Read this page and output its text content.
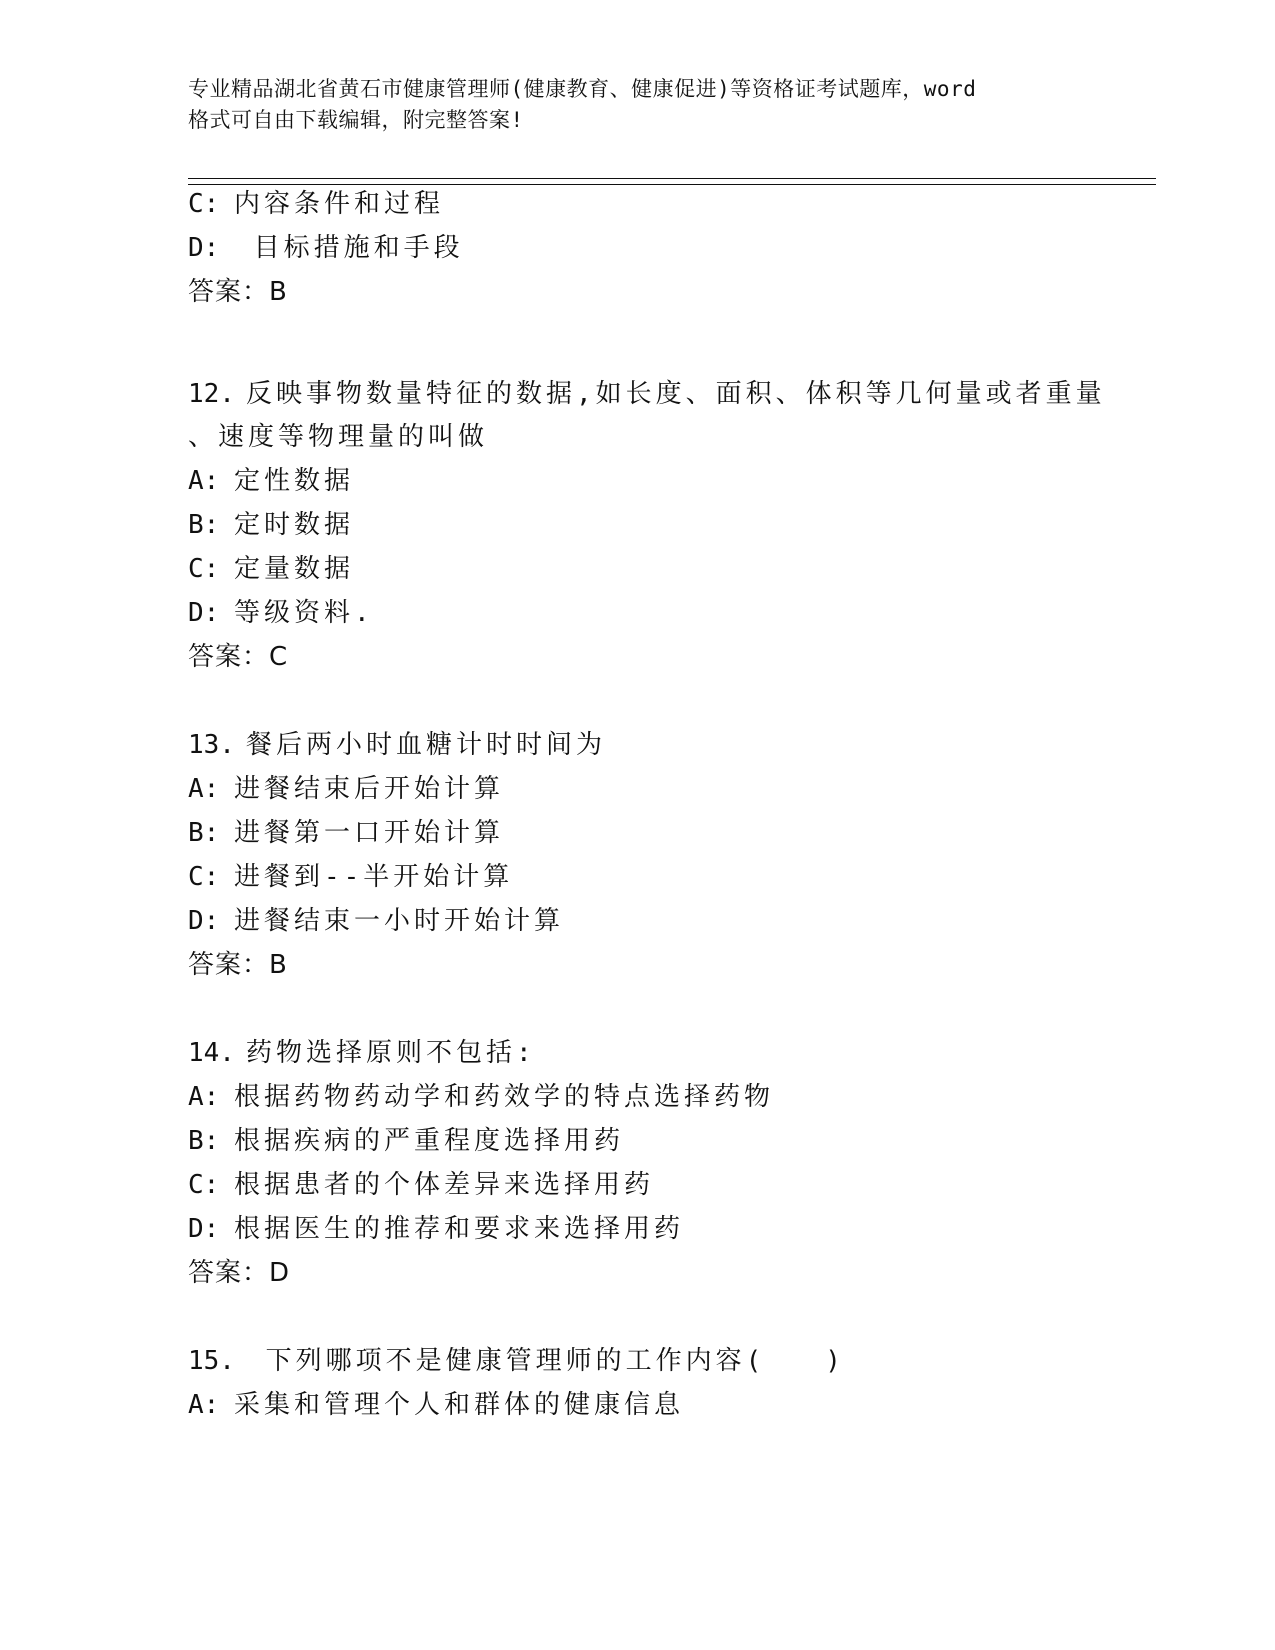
专业精品湖北省黄石市健康管理师(健康教育、健康促进)等资格证考试题库，word
格式可自由下载编辑，附完整答案!
C: 内容条件和过程
D: 目标措施和手段
答案：B
12. 反映事物数量特征的数据,如长度、面积、体积等几何量或者重量
、速度等物理量的叫做
A: 定性数据
B: 定时数据
C: 定量数据
D: 等级资料.
答案：C
13. 餐后两小时血糖计时时间为
A: 进餐结束后开始计算
B: 进餐第一口开始计算
C: 进餐到--半开始计算
D: 进餐结束一小时开始计算
答案：B
14. 药物选择原则不包括:
A: 根据药物药动学和药效学的特点选择药物
B: 根据疾病的严重程度选择用药
C: 根据患者的个体差异来选择用药
D: 根据医生的推荐和要求来选择用药
答案：D
15. 下列哪项不是健康管理师的工作内容(　　)
A: 采集和管理个人和群体的健康信息
